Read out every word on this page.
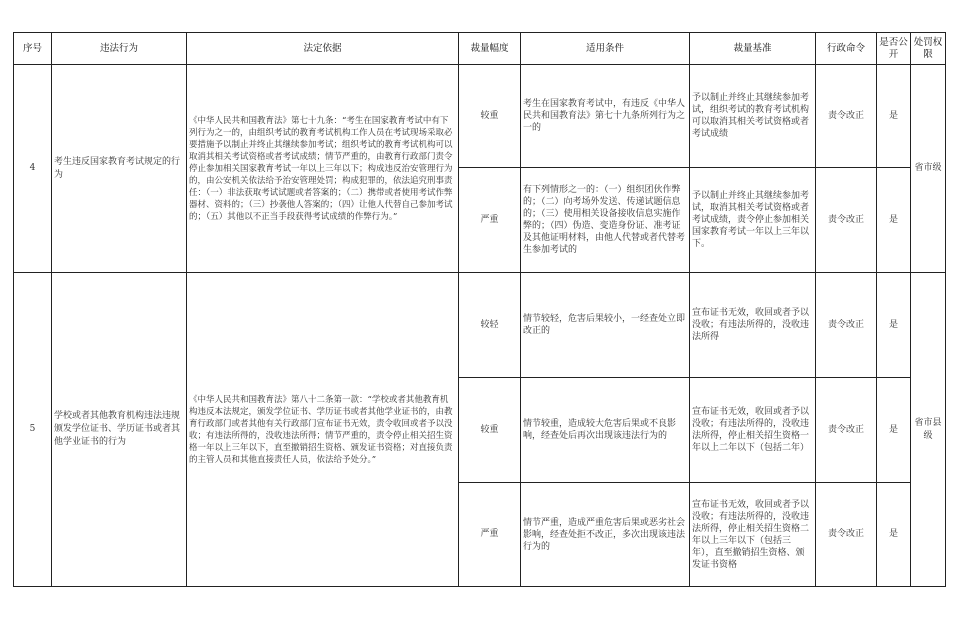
序号	违法行为	法定依据	裁量幅度	适用条件	裁量基准	行政命令	是否公开	处罚权限
4	考生违反国家教育考试规定的行为	《中华人民共和国教育法》第七十九条：“考生在国家教育考试中有下列行为之一的，由组织考试的教育考试机构工作人员在考试现场采取必要措施予以制止并终止其继续参加考试；组织考试的教育考试机构可以取消其相关考试资格或者考试成绩；情节严重的，由教育行政部门责令停止参加相关国家教育考试一年以上三年以下；构成违反治安管理行为的，由公安机关依法给予治安管理处罚；构成犯罪的，依法追究刑事责任：（一）非法获取考试试题或者答案的；（二）携带或者使用考试作弊器材、资料的；（三）抄袭他人答案的；（四）让他人代替自己参加考试的；（五）其他以不正当手段获得考试成绩的作弊行为。”	较重	考生在国家教育考试中，有违反《中华人民共和国教育法》第七十九条所列行为之一的	予以制止并终止其继续参加考试，组织考试的教育考试机构可以取消其相关考试资格或者考试成绩	责令改正	是	省市级
			严重	有下列情形之一的：（一）组织团伙作弊的；（二）向考场外发送、传递试题信息的；（三）使用相关设备接收信息实施作弊的；（四）伪造、变造身份证、准考证及其他证明材料，由他人代替或者代替考生参加考试的	予以制止并终止其继续参加考试，取消其相关考试资格或者考试成绩，责令停止参加相关国家教育考试一年以上三年以下。	责令改正	是	
5	学校或者其他教育机构违法违规颁发学位证书、学历证书或者其他学业证书的行为	《中华人民共和国教育法》第八十二条第一款：“学校或者其他教育机构违反本法规定，颁发学位证书、学历证书或者其他学业证书的，由教育行政部门或者其他有关行政部门宣布证书无效，责令收回或者予以没收；有违法所得的，没收违法所得；情节严重的，责令停止相关招生资格一年以上三年以下，直至撤销招生资格、颁发证书资格；对直接负责的主管人员和其他直接责任人员，依法给予处分。”	较轻	情节较轻，危害后果较小，一经查处立即改正的	宣布证书无效，收回或者予以没收；有违法所得的，没收违法所得	责令改正	是	省市县级
			较重	情节较重，造成较大危害后果或不良影响，经查处后再次出现该违法行为的	宣布证书无效，收回或者予以没收；有违法所得的，没收违法所得，停止相关招生资格一年以上二年以下（包括二年）	责令改正	是	
			严重	情节严重，造成严重危害后果或恶劣社会影响，经查处拒不改正，多次出现该违法行为的	宣布证书无效，收回或者予以没收；有违法所得的，没收违法所得，停止相关招生资格二年以上三年以下（包括三年），直至撤销招生资格、颁发证书资格	责令改正	是	
